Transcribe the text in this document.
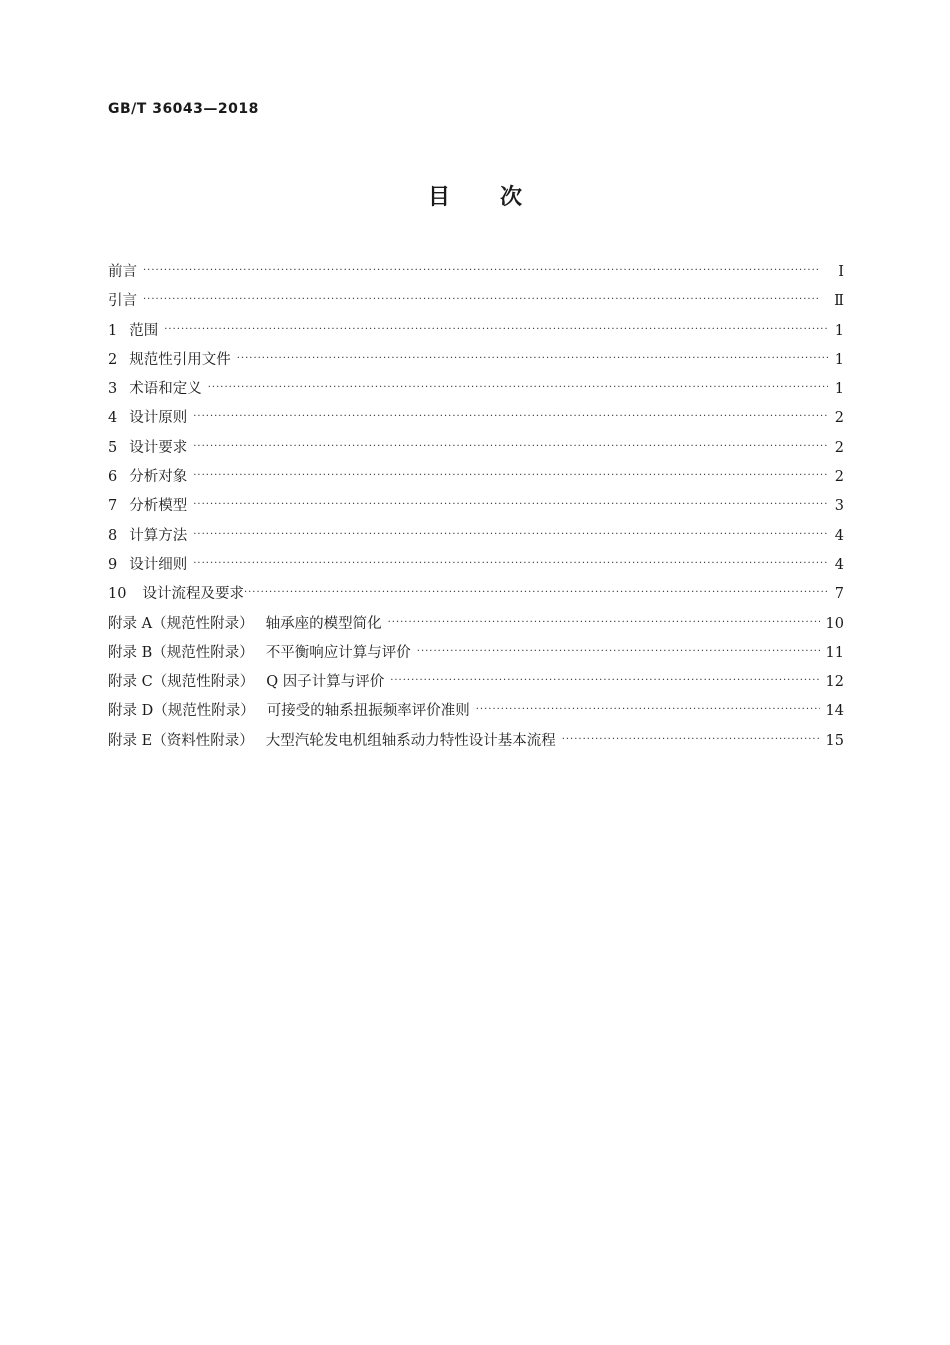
GB/T 36043—2018
目次
前言 ·····	Ⅰ
引言 ·····	Ⅱ
1 范围 ·····	1
2 规范性引用文件 ·····	1
3 术语和定义 ·····	1
4 设计原则 ·····	2
5 设计要求 ·····	2
6 分析对象 ·····	2
7 分析模型 ·····	3
8 计算方法 ·····	4
9 设计细则 ·····	4
10 设计流程及要求 ·····	7
附录 A（规范性附录） 轴承座的模型简化 ·····	10
附录 B（规范性附录） 不平衡响应计算与评价 ·····	11
附录 C（规范性附录） Q 因子计算与评价 ·····	12
附录 D（规范性附录） 可接受的轴系扭振频率评价准则 ·····	14
附录 E（资料性附录） 大型汽轮发电机组轴系动力特性设计基本流程 ·····	15
